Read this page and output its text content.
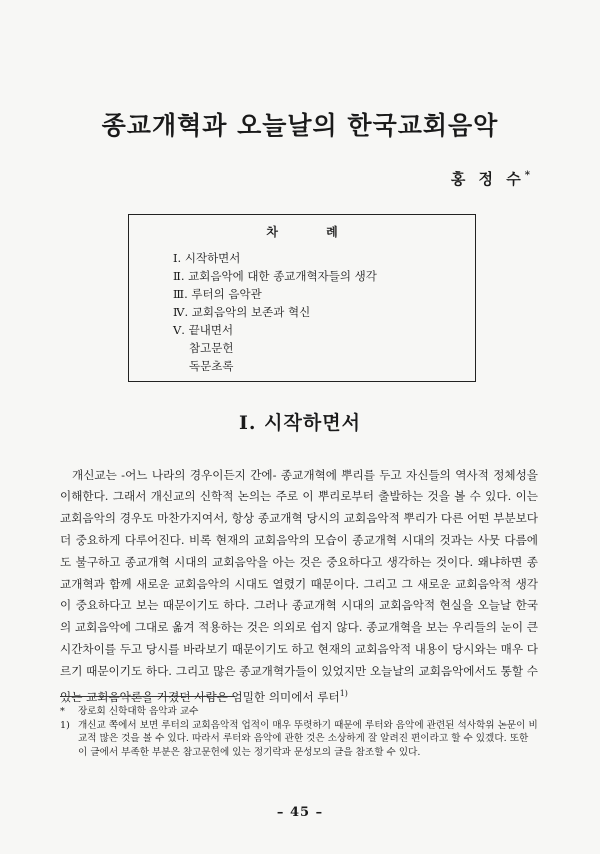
종교개혁과 오늘날의 한국교회음악
홍 정 수*
차 례
Ⅰ. 시작하면서
Ⅱ. 교회음악에 대한 종교개혁자들의 생각
Ⅲ. 루터의 음악관
Ⅳ. 교회음악의 보존과 혁신
Ⅴ. 끝내면서
참고문헌
독문초록
Ⅰ. 시작하면서

개신교는 -어느 나라의 경우이든지 간에- 종교개혁에 뿌리를 두고 자신들의 역사적 정체성을 이해한다. 그래서 개신교의 신학적 논의는 주로 이 뿌리로부터 출발하는 것을 볼 수 있다. 이는 교회음악의 경우도 마찬가지여서, 항상 종교개혁 당시의 교회음악적 뿌리가 다른 어떤 부분보다 더 중요하게 다루어진다. 비록 현재의 교회음악의 모습이 종교개혁 시대의 것과는 사뭇 다름에도 불구하고 종교개혁 시대의 교회음악을 아는 것은 중요하다고 생각하는 것이다. 왜냐하면 종교개혁과 함께 새로운 교회음악의 시대도 열렸기 때문이다. 그리고 그 새로운 교회음악적 생각이 중요하다고 보는 때문이기도 하다. 그러나 종교개혁 시대의 교회음악적 현실을 오늘날 한국의 교회음악에 그대로 옮겨 적용하는 것은 의외로 쉽지 않다. 종교개혁을 보는 우리들의 눈이 큰 시간차이를 두고 당시를 바라보기 때문이기도 하고 현재의 교회음악적 내용이 당시와는 매우 다르기 때문이기도 하다. 그리고 많은 종교개혁가들이 있었지만 오늘날의 교회음악에서도 통할 수 있는 교회음악론을 가졌던 사람은 엄밀한 의미에서 루터$^{1)}$

* 장로회 신학대학 음악과 교수

1) 개신교 쪽에서 보면 루터의 교회음악적 업적이 매우 뚜렷하기 때문에 루터와 음악에 관련된 석사학위 논문이 비교적 많은 것을 볼 수 있다. 따라서 루터와 음악에 관한 것은 소상하게 잘 알려진 편이라고 할 수 있겠다. 또한 이 글에서 부족한 부분은 참고문헌에 있는 정기락과 문성모의 글을 참조할 수 있다.

– 45 –
